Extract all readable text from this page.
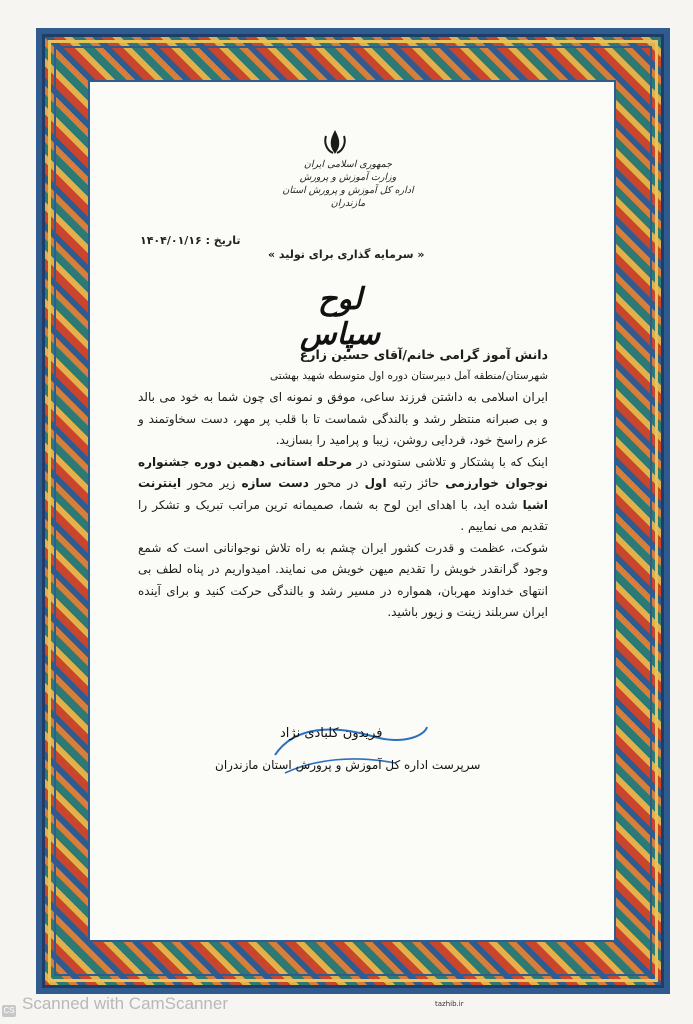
جمهوری اسلامی ایران
وزارت آموزش و پرورش
اداره کل آموزش و پرورش استان مازندران
تاریخ : ۱۴۰۴/۰۱/۱۶
« سرمایه گذاری برای تولید »
لوح سپاس

دانش آموز گرامی خانم/آقای حسین زارع

شهرستان/منطقه آمل دبیرستان دوره اول متوسطه شهید بهشتی

ایران اسلامی به داشتن فرزند ساعی، موفق و نمونه ای چون شما به خود می بالد و بی صبرانه منتظر رشد و بالندگی شماست تا با قلب پر مهر، دست سخاوتمند و عزم راسخ خود، فردایی روشن، زیبا و پرامید را بسازید.

اینک که با پشتکار و تلاشی ستودنی در مرحله استانی دهمین دوره جشنواره نوجوان خوارزمی حائز رتبه اول در محور دست سازه زیر محور اینترنت اشیا شده اید، با اهدای این لوح به شما، صمیمانه ترین مراتب تبریک و تشکر را تقدیم می نماییم .

شوکت، عظمت و قدرت کشور ایران چشم به راه تلاش نوجوانانی است که شمع وجود گرانقدر خویش را تقدیم میهن خویش می نمایند. امیدواریم در پناه لطف بی انتهای خداوند مهربان، همواره در مسیر رشد و بالندگی حرکت کنید و برای آینده ایران سربلند زینت و زیور باشید.

فریدون کلبادی نژاد
سرپرست اداره کل آموزش و پرورش استان مازندران
tazhib.ir
CS Scanned with CamScanner
